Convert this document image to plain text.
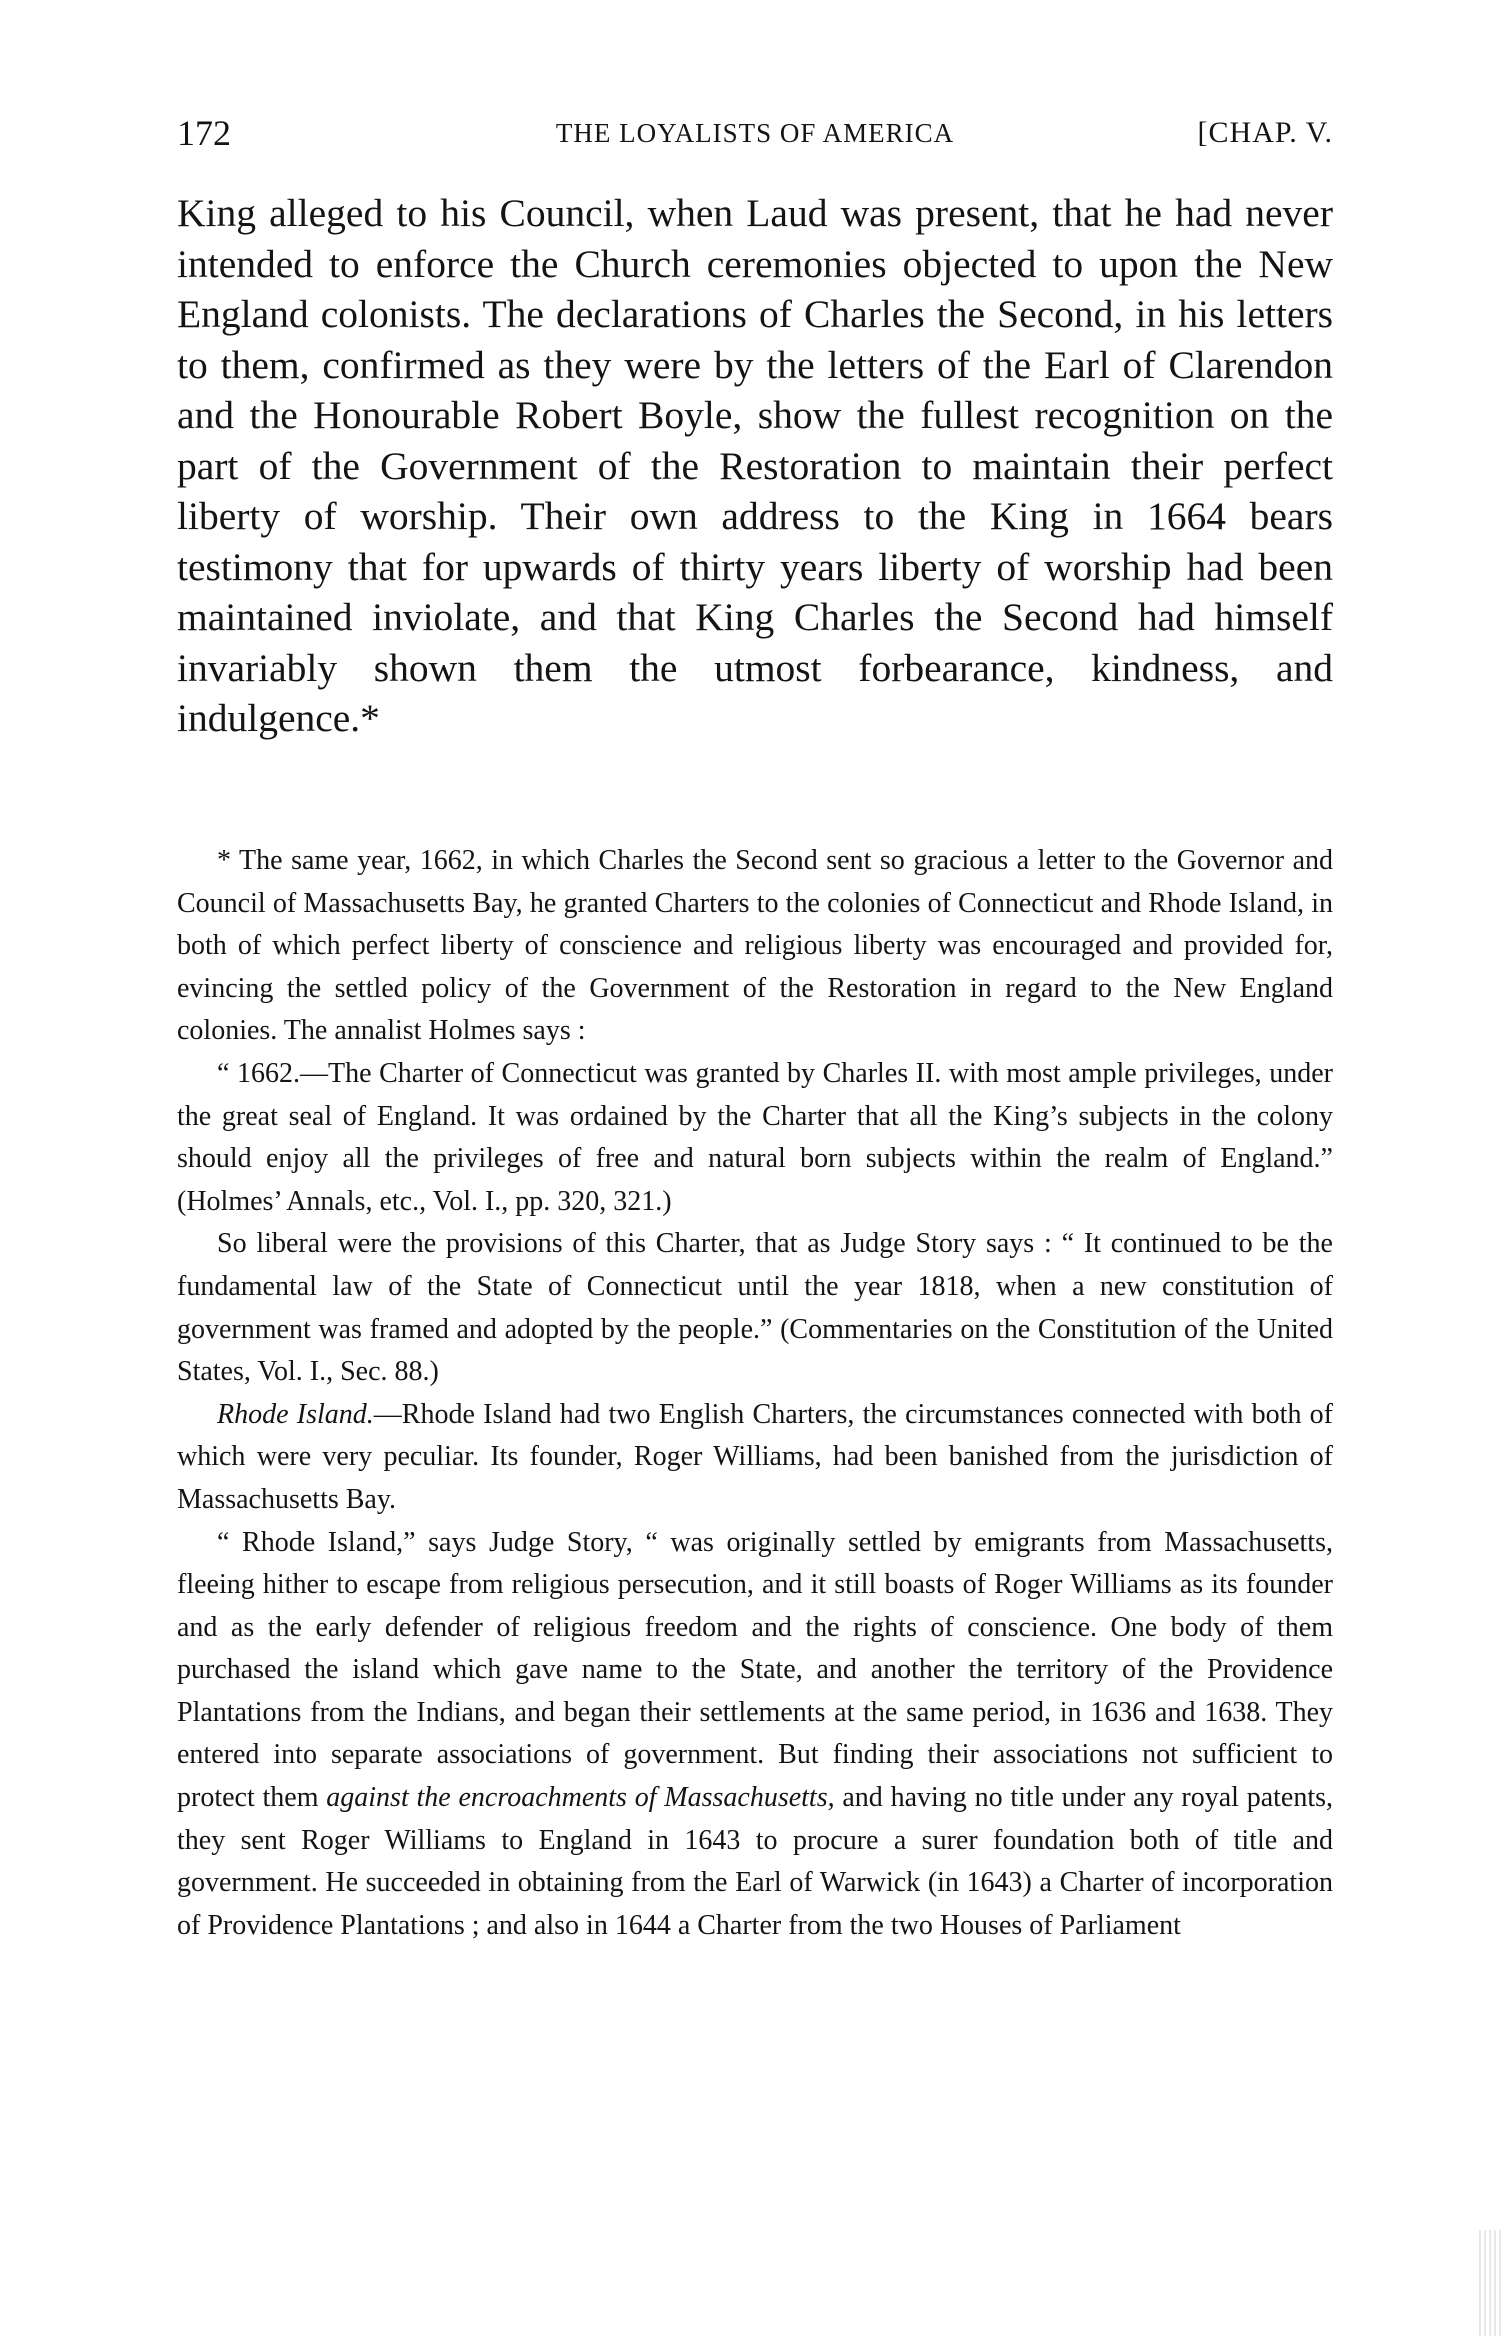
172	THE LOYALISTS OF AMERICA	[CHAP. V.

King alleged to his Council, when Laud was present, that he had never intended to enforce the Church ceremonies objected to upon the New England colonists. The declarations of Charles the Second, in his letters to them, confirmed as they were by the letters of the Earl of Clarendon and the Honourable Robert Boyle, show the fullest recognition on the part of the Government of the Restoration to maintain their perfect liberty of worship. Their own address to the King in 1664 bears testimony that for upwards of thirty years liberty of worship had been maintained inviolate, and that King Charles the Second had himself invariably shown them the utmost forbearance, kindness, and indulgence.*

* The same year, 1662, in which Charles the Second sent so gracious a letter to the Governor and Council of Massachusetts Bay, he granted Charters to the colonies of Connecticut and Rhode Island, in both of which perfect liberty of conscience and religious liberty was encouraged and provided for, evincing the settled policy of the Government of the Restoration in regard to the New England colonies. The annalist Holmes says :

“ 1662.—The Charter of Connecticut was granted by Charles II. with most ample privileges, under the great seal of England. It was ordained by the Charter that all the King’s subjects in the colony should enjoy all the privileges of free and natural born subjects within the realm of England.” (Holmes’ Annals, etc., Vol. I., pp. 320, 321.)

So liberal were the provisions of this Charter, that as Judge Story says : “ It continued to be the fundamental law of the State of Connecticut until the year 1818, when a new constitution of government was framed and adopted by the people.” (Commentaries on the Constitution of the United States, Vol. I., Sec. 88.)

Rhode Island.—Rhode Island had two English Charters, the circumstances connected with both of which were very peculiar. Its founder, Roger Williams, had been banished from the jurisdiction of Massachusetts Bay.

“ Rhode Island,” says Judge Story, “ was originally settled by emigrants from Massachusetts, fleeing hither to escape from religious persecution, and it still boasts of Roger Williams as its founder and as the early defender of religious freedom and the rights of conscience. One body of them purchased the island which gave name to the State, and another the territory of the Providence Plantations from the Indians, and began their settlements at the same period, in 1636 and 1638. They entered into separate associations of government. But finding their associations not sufficient to protect them against the encroachments of Massachusetts, and having no title under any royal patents, they sent Roger Williams to England in 1643 to procure a surer foundation both of title and government. He succeeded in obtaining from the Earl of Warwick (in 1643) a Charter of incorporation of Providence Plantations ; and also in 1644 a Charter from the two Houses of Parliament
